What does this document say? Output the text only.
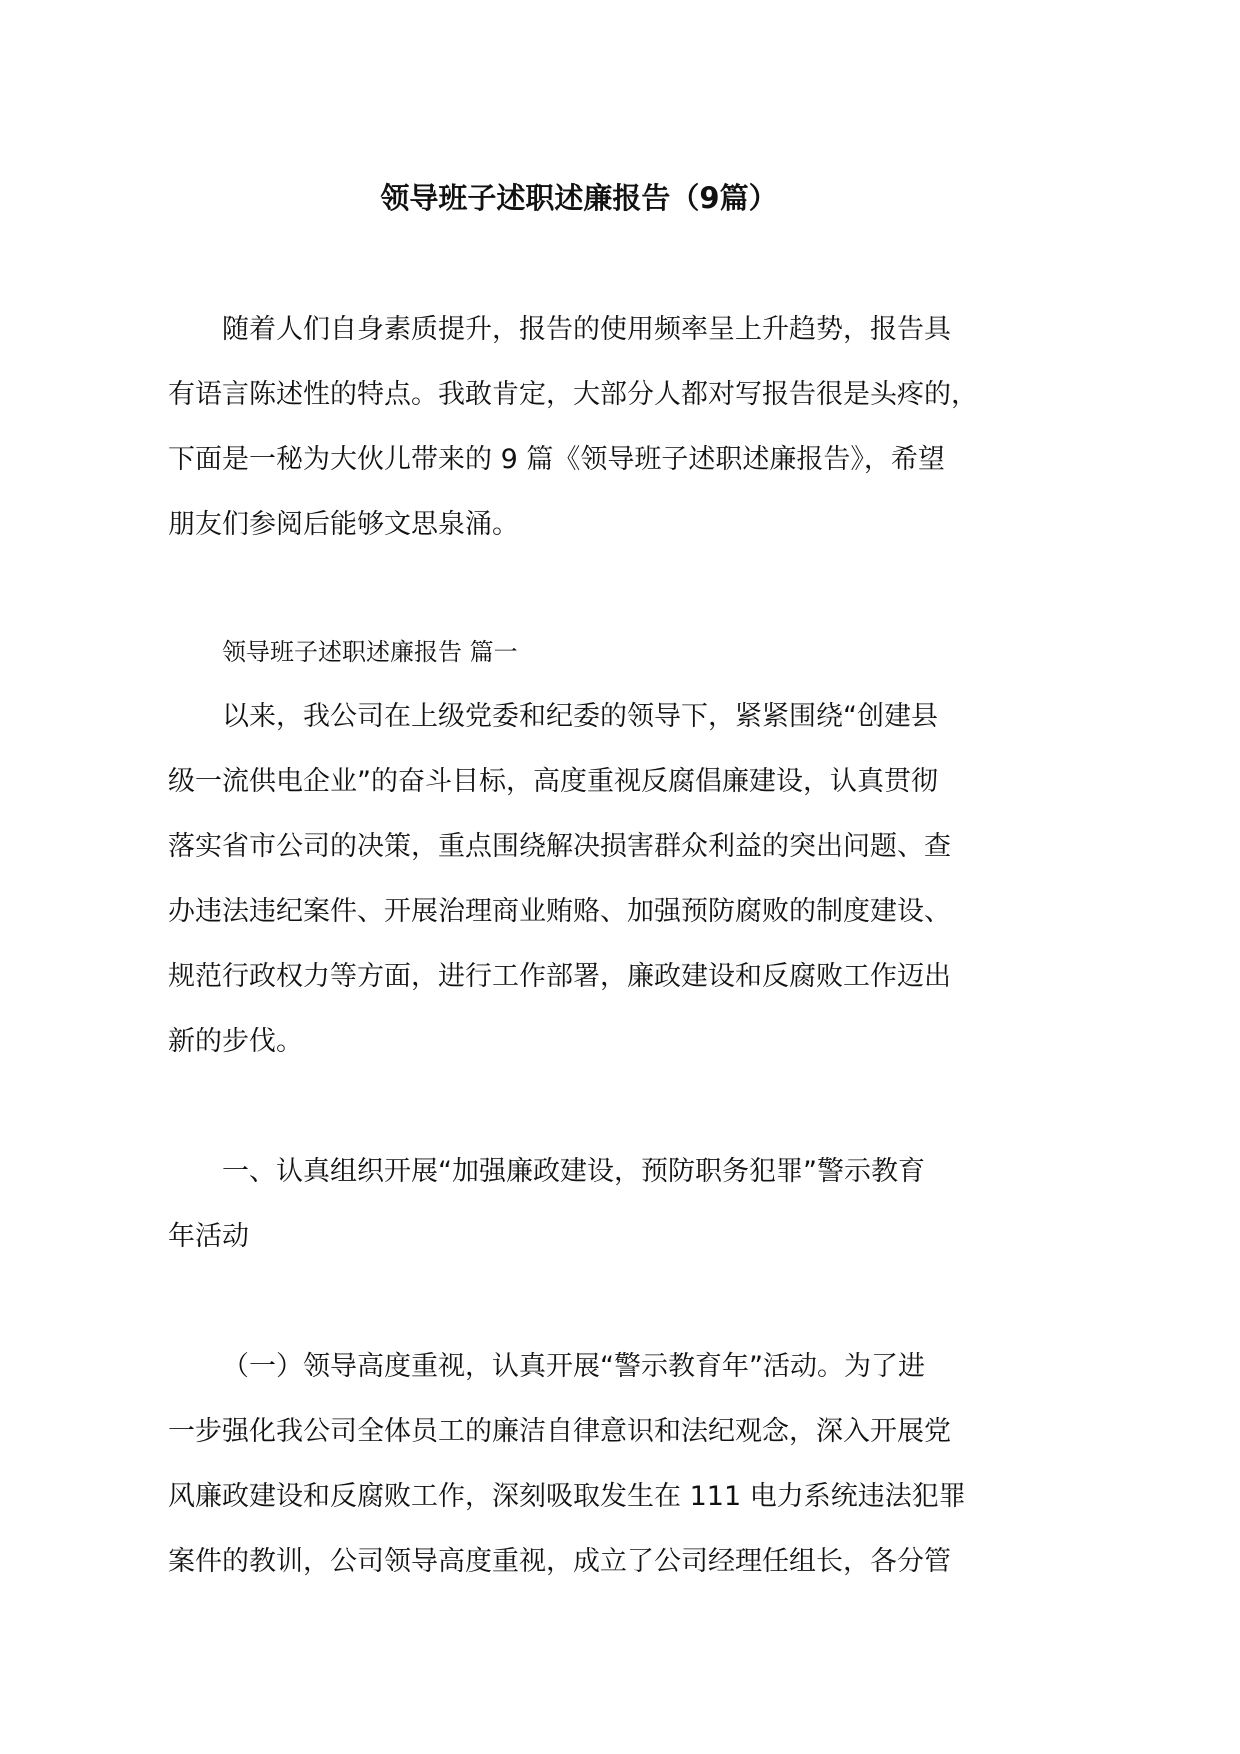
领导班子述职述廉报告（9篇）
随着人们自身素质提升，报告的使用频率呈上升趋势，报告具
有语言陈述性的特点。我敢肯定，大部分人都对写报告很是头疼的，
下面是一秘为大伙儿带来的 9 篇《领导班子述职述廉报告》，希望
朋友们参阅后能够文思泉涌。
领导班子述职述廉报告 篇一
以来，我公司在上级党委和纪委的领导下，紧紧围绕“创建县
级一流供电企业”的奋斗目标，高度重视反腐倡廉建设，认真贯彻
落实省市公司的决策，重点围绕解决损害群众利益的突出问题、查
办违法违纪案件、开展治理商业贿赂、加强预防腐败的制度建设、
规范行政权力等方面，进行工作部署，廉政建设和反腐败工作迈出
新的步伐。
一、认真组织开展“加强廉政建设，预防职务犯罪”警示教育
年活动
（一）领导高度重视，认真开展“警示教育年”活动。为了进
一步强化我公司全体员工的廉洁自律意识和法纪观念，深入开展党
风廉政建设和反腐败工作，深刻吸取发生在 111 电力系统违法犯罪
案件的教训，公司领导高度重视，成立了公司经理任组长，各分管
